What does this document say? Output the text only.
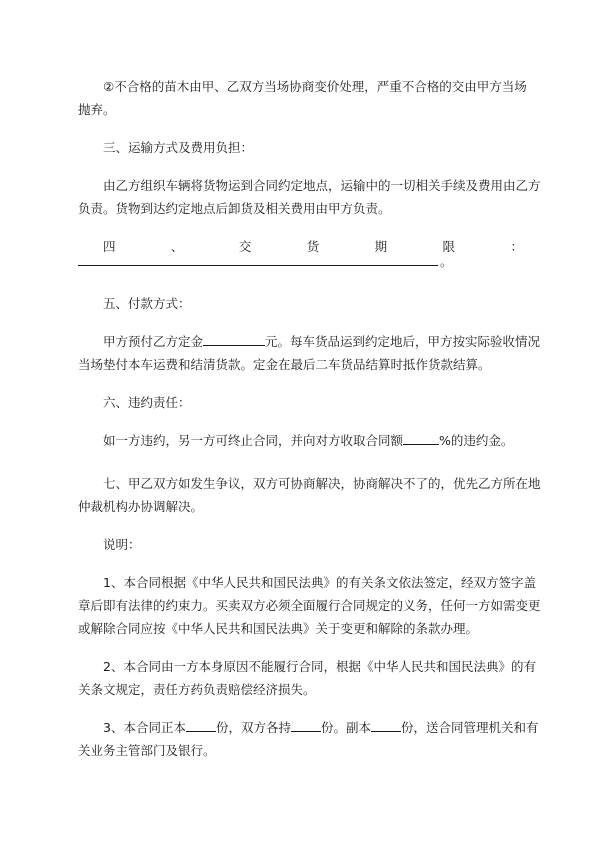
②不合格的苗木由甲、乙双方当场协商变价处理，严重不合格的交由甲方当场
抛弃。
三、运输方式及费用负担：
由乙方组织车辆将货物运到合同约定地点，运输中的一切相关手续及费用由乙方
负责。货物到达约定地点后卸货及相关费用由甲方负责。
四	、	交	货	期	限	：
。
五、付款方式：
甲方预付乙方定金	元。每车货品运到约定地后，甲方按实际验收情况
当场垫付本车运费和结清货款。定金在最后二车货品结算时抵作货款结算。
六、违约责任：
如一方违约，另一方可终止合同，并向对方收取合同额	%的违约金。
七、甲乙双方如发生争议，双方可协商解决，协商解决不了的，优先乙方所在地
仲裁机构办协调解决。
说明：
1、本合同根据《中华人民共和国民法典》的有关条文依法签定，经双方签字盖
章后即有法律的约束力。买卖双方必须全面履行合同规定的义务，任何一方如需变更
或解除合同应按《中华人民共和国民法典》关于变更和解除的条款办理。
2、本合同由一方本身原因不能履行合同，根据《中华人民共和国民法典》的有
关条文规定，责任方药负责赔偿经济损失。
3、本合同正本 份，双方各持 份。副本 份，送合同管理机关和有
关业务主管部门及银行。
